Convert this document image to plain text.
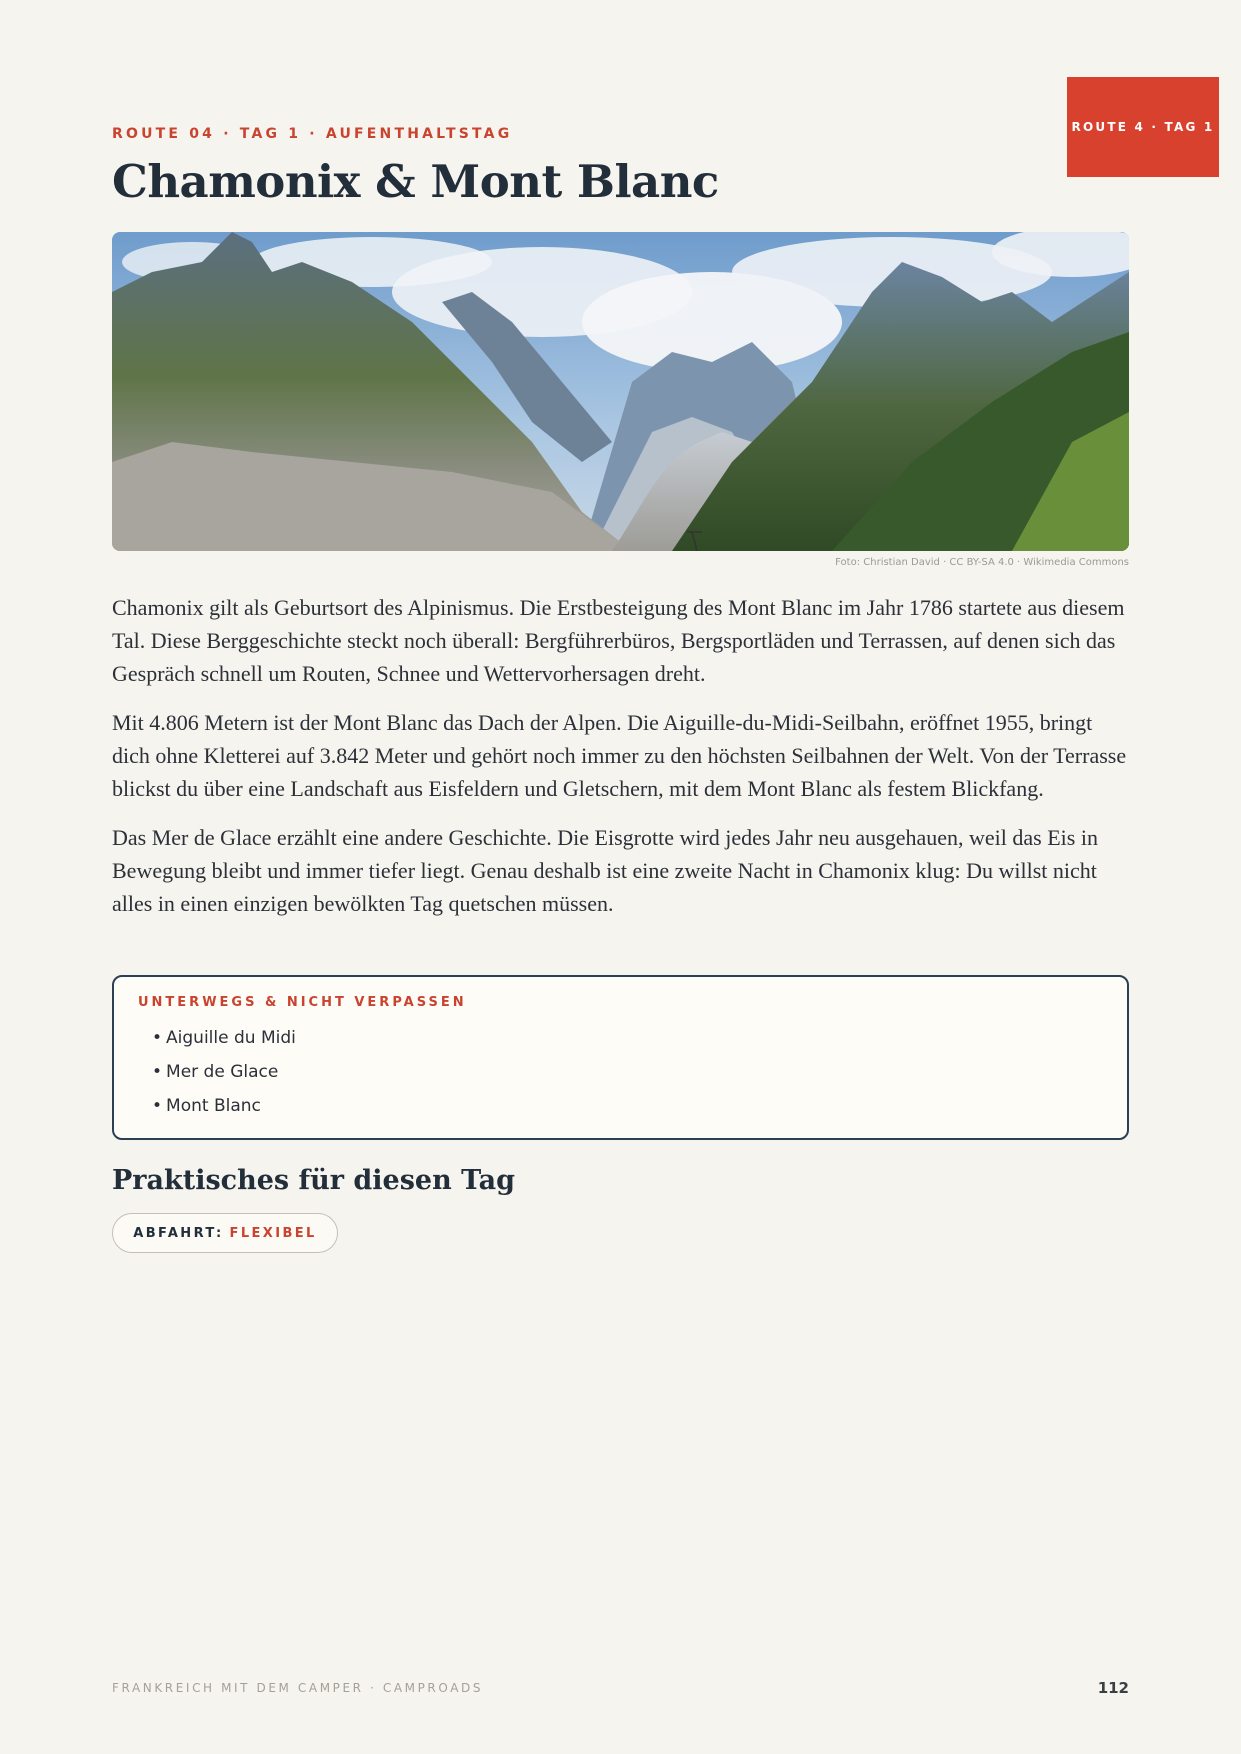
ROUTE 4 · TAG 1
ROUTE 04 · TAG 1 · AUFENTHALTSTAG
Chamonix & Mont Blanc
Foto: Christian David · CC BY-SA 4.0 · Wikimedia Commons

Chamonix gilt als Geburtsort des Alpinismus. Die Erstbesteigung des Mont Blanc im Jahr 1786 startete aus diesem Tal. Diese Berggeschichte steckt noch überall: Bergführerbüros, Bergsportläden und Terrassen, auf denen sich das Gespräch schnell um Routen, Schnee und Wettervorhersagen dreht.

Mit 4.806 Metern ist der Mont Blanc das Dach der Alpen. Die Aiguille-du-Midi-Seilbahn, eröffnet 1955, bringt dich ohne Kletterei auf 3.842 Meter und gehört noch immer zu den höchsten Seilbahnen der Welt. Von der Terrasse blickst du über eine Landschaft aus Eisfeldern und Gletschern, mit dem Mont Blanc als festem Blickfang.

Das Mer de Glace erzählt eine andere Geschichte. Die Eisgrotte wird jedes Jahr neu ausgehauen, weil das Eis in Bewegung bleibt und immer tiefer liegt. Genau deshalb ist eine zweite Nacht in Chamonix klug: Du willst nicht alles in einen einzigen bewölkten Tag quetschen müssen.

UNTERWEGS & NICHT VERPASSEN
• Aiguille du Midi
• Mer de Glace
• Mont Blanc
Praktisches für diesen Tag
ABFAHRT: FLEXIBEL
FRANKREICH MIT DEM CAMPER · CAMPROADS	112
